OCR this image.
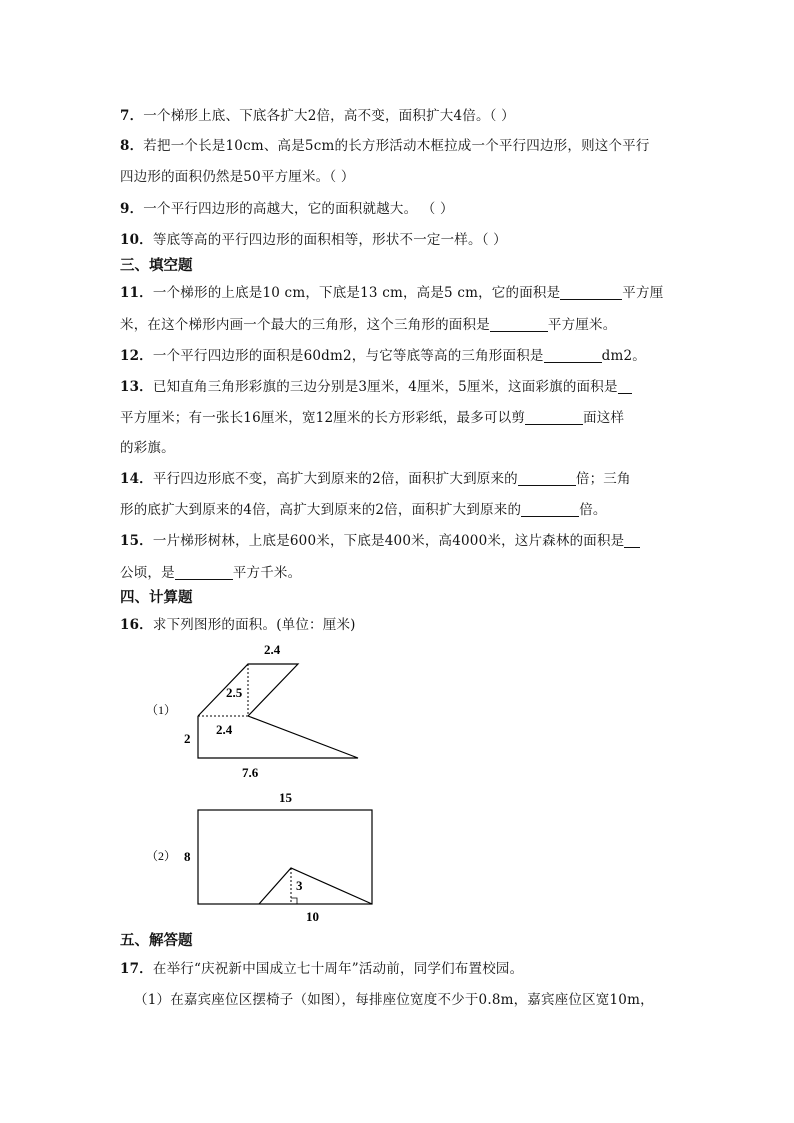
7．一个梯形上底、下底各扩大2倍，高不变，面积扩大4倍。（ ）
8．若把一个长是10cm、高是5cm的长方形活动木框拉成一个平行四边形，则这个平行
四边形的面积仍然是50平方厘米。（ ）
9．一个平行四边形的高越大，它的面积就越大。 （ ）
10．等底等高的平行四边形的面积相等，形状不一定一样。（ ）
三、填空题
11．一个梯形的上底是10 cm，下底是13 cm，高是5 cm，它的面积是	平方厘
米，在这个梯形内画一个最大的三角形，这个三角形的面积是	平方厘米。
12．一个平行四边形的面积是60dm2，与它等底等高的三角形面积是	dm2。
13．已知直角三角形彩旗的三边分别是3厘米，4厘米，5厘米，这面彩旗的面积是
平方厘米；有一张长16厘米，宽12厘米的长方形彩纸，最多可以剪	面这样
的彩旗。
14．平行四边形底不变，高扩大到原来的2倍，面积扩大到原来的	倍；三角
形的底扩大到原来的4倍，高扩大到原来的2倍，面积扩大到原来的	倍。
15．一片梯形树林，上底是600米，下底是400米，高4000米，这片森林的面积是
公顷，是	平方千米。
四、计算题
16．求下列图形的面积。(单位：厘米)
（1）
2.4
2.5
2.4
2
7.6
（2）
15
8
3
10
五、解答题
17．在举行“庆祝新中国成立七十周年”活动前，同学们布置校园。
（1）在嘉宾座位区摆椅子（如图），每排座位宽度不少于0.8m，嘉宾座位区宽10m，
